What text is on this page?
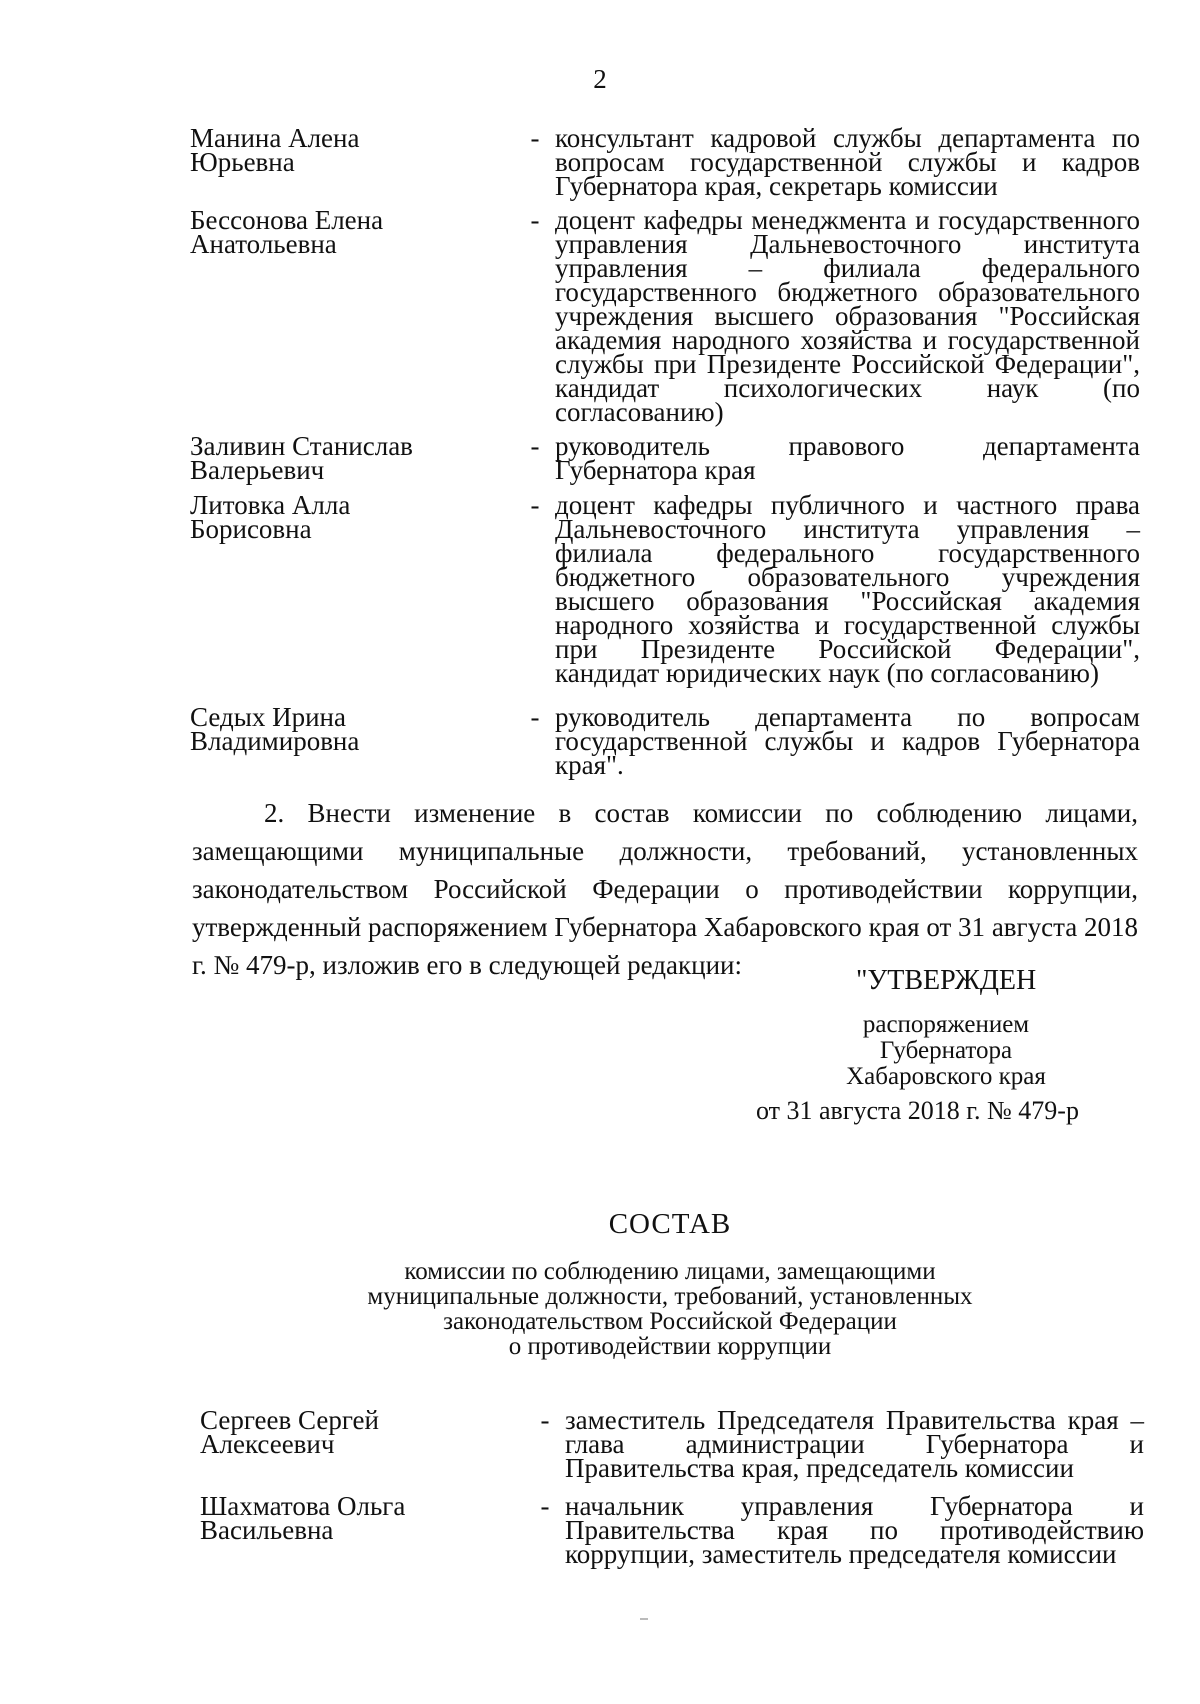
2
Манина Алена Юрьевна
- консультант кадровой службы департамента по вопросам государственной службы и кадров Губернатора края, секретарь комиссии
Бессонова Елена Анатольевна
- доцент кафедры менеджмента и государственного управления Дальневосточного института управления – филиала федерального государственного бюджетного образовательного учреждения высшего образования "Российская академия народного хозяйства и государственной службы при Президенте Российской Федерации", кандидат психологических наук (по согласованию)
Заливин Станислав Валерьевич
- руководитель правового департамента Губернатора края
Литовка Алла Борисовна
- доцент кафедры публичного и частного права Дальневосточного института управления – филиала федерального государственного бюджетного образовательного учреждения высшего образования "Российская академия народного хозяйства и государственной службы при Президенте Российской Федерации", кандидат юридических наук (по согласованию)
Седых Ирина Владимировна
- руководитель департамента по вопросам государственной службы и кадров Губернатора края".
2. Внести изменение в состав комиссии по соблюдению лицами, замещающими муниципальные должности, требований, установленных законодательством Российской Федерации о противодействии коррупции, утвержденный распоряжением Губернатора Хабаровского края от 31 августа 2018 г. № 479-р, изложив его в следующей редакции:	"УТВЕРЖДЕН
распоряжением
Губернатора
Хабаровского края
от 31 августа 2018 г. № 479-р
СОСТАВ
комиссии по соблюдению лицами, замещающими
муниципальные должности, требований, установленных
законодательством Российской Федерации
о противодействии коррупции
Сергеев Сергей Алексеевич
- заместитель Председателя Правительства края – глава администрации Губернатора и Правительства края, председатель комиссии
Шахматова Ольга Васильевна
- начальник управления Губернатора и Правительства края по противодействию коррупции, заместитель председателя комиссии
